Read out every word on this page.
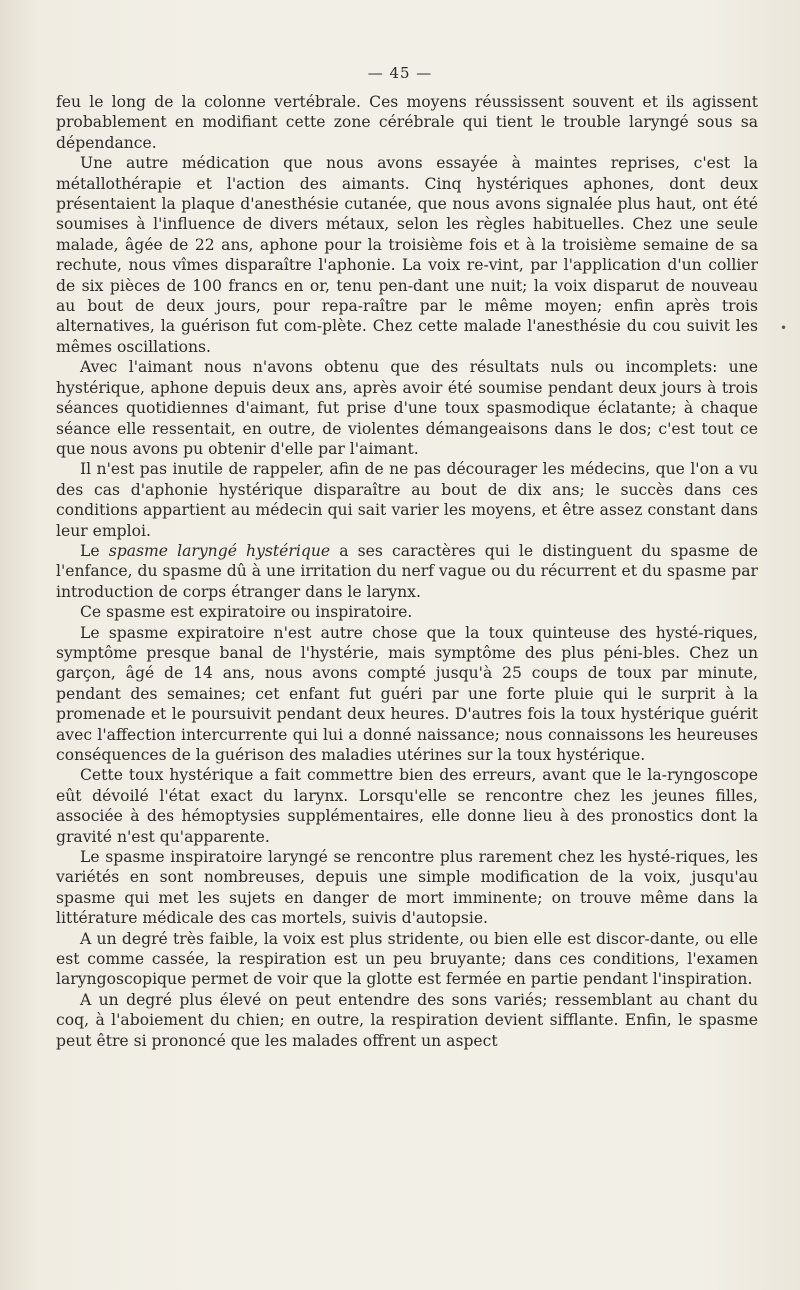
— 45 —
•

feu le long de la colonne vertébrale. Ces moyens réussissent souvent et ils agissent probablement en modifiant cette zone cérébrale qui tient le trouble laryngé sous sa dépendance.

Une autre médication que nous avons essayée à maintes reprises, c'est la métallothérapie et l'action des aimants. Cinq hystériques aphones, dont deux présentaient la plaque d'anesthésie cutanée, que nous avons signalée plus haut, ont été soumises à l'influence de divers métaux, selon les règles habituelles. Chez une seule malade, âgée de 22 ans, aphone pour la troisième fois et à la troisième semaine de sa rechute, nous vîmes disparaître l'aphonie. La voix re-vint, par l'application d'un collier de six pièces de 100 francs en or, tenu pen-dant une nuit; la voix disparut de nouveau au bout de deux jours, pour repa-raître par le même moyen; enfin après trois alternatives, la guérison fut com-plète. Chez cette malade l'anesthésie du cou suivit les mêmes oscillations.

Avec l'aimant nous n'avons obtenu que des résultats nuls ou incomplets: une hystérique, aphone depuis deux ans, après avoir été soumise pendant deux jours à trois séances quotidiennes d'aimant, fut prise d'une toux spasmodique éclatante; à chaque séance elle ressentait, en outre, de violentes démangeaisons dans le dos; c'est tout ce que nous avons pu obtenir d'elle par l'aimant.

Il n'est pas inutile de rappeler, afin de ne pas décourager les médecins, que l'on a vu des cas d'aphonie hystérique disparaître au bout de dix ans; le succès dans ces conditions appartient au médecin qui sait varier les moyens, et être assez constant dans leur emploi.

Le spasme laryngé hystérique a ses caractères qui le distinguent du spasme de l'enfance, du spasme dû à une irritation du nerf vague ou du récurrent et du spasme par introduction de corps étranger dans le larynx.

Ce spasme est expiratoire ou inspiratoire.

Le spasme expiratoire n'est autre chose que la toux quinteuse des hysté-riques, symptôme presque banal de l'hystérie, mais symptôme des plus péni-bles. Chez un garçon, âgé de 14 ans, nous avons compté jusqu'à 25 coups de toux par minute, pendant des semaines; cet enfant fut guéri par une forte pluie qui le surprit à la promenade et le poursuivit pendant deux heures. D'autres fois la toux hystérique guérit avec l'affection intercurrente qui lui a donné naissance; nous connaissons les heureuses conséquences de la guérison des maladies utérines sur la toux hystérique.

Cette toux hystérique a fait commettre bien des erreurs, avant que le la-ryngoscope eût dévoilé l'état exact du larynx. Lorsqu'elle se rencontre chez les jeunes filles, associée à des hémoptysies supplémentaires, elle donne lieu à des pronostics dont la gravité n'est qu'apparente.

Le spasme inspiratoire laryngé se rencontre plus rarement chez les hysté-riques, les variétés en sont nombreuses, depuis une simple modification de la voix, jusqu'au spasme qui met les sujets en danger de mort imminente; on trouve même dans la littérature médicale des cas mortels, suivis d'autopsie.

A un degré très faible, la voix est plus stridente, ou bien elle est discor-dante, ou elle est comme cassée, la respiration est un peu bruyante; dans ces conditions, l'examen laryngoscopique permet de voir que la glotte est fermée en partie pendant l'inspiration.

A un degré plus élevé on peut entendre des sons variés; ressemblant au chant du coq, à l'aboiement du chien; en outre, la respiration devient sifflante. Enfin, le spasme peut être si prononcé que les malades offrent un aspect
